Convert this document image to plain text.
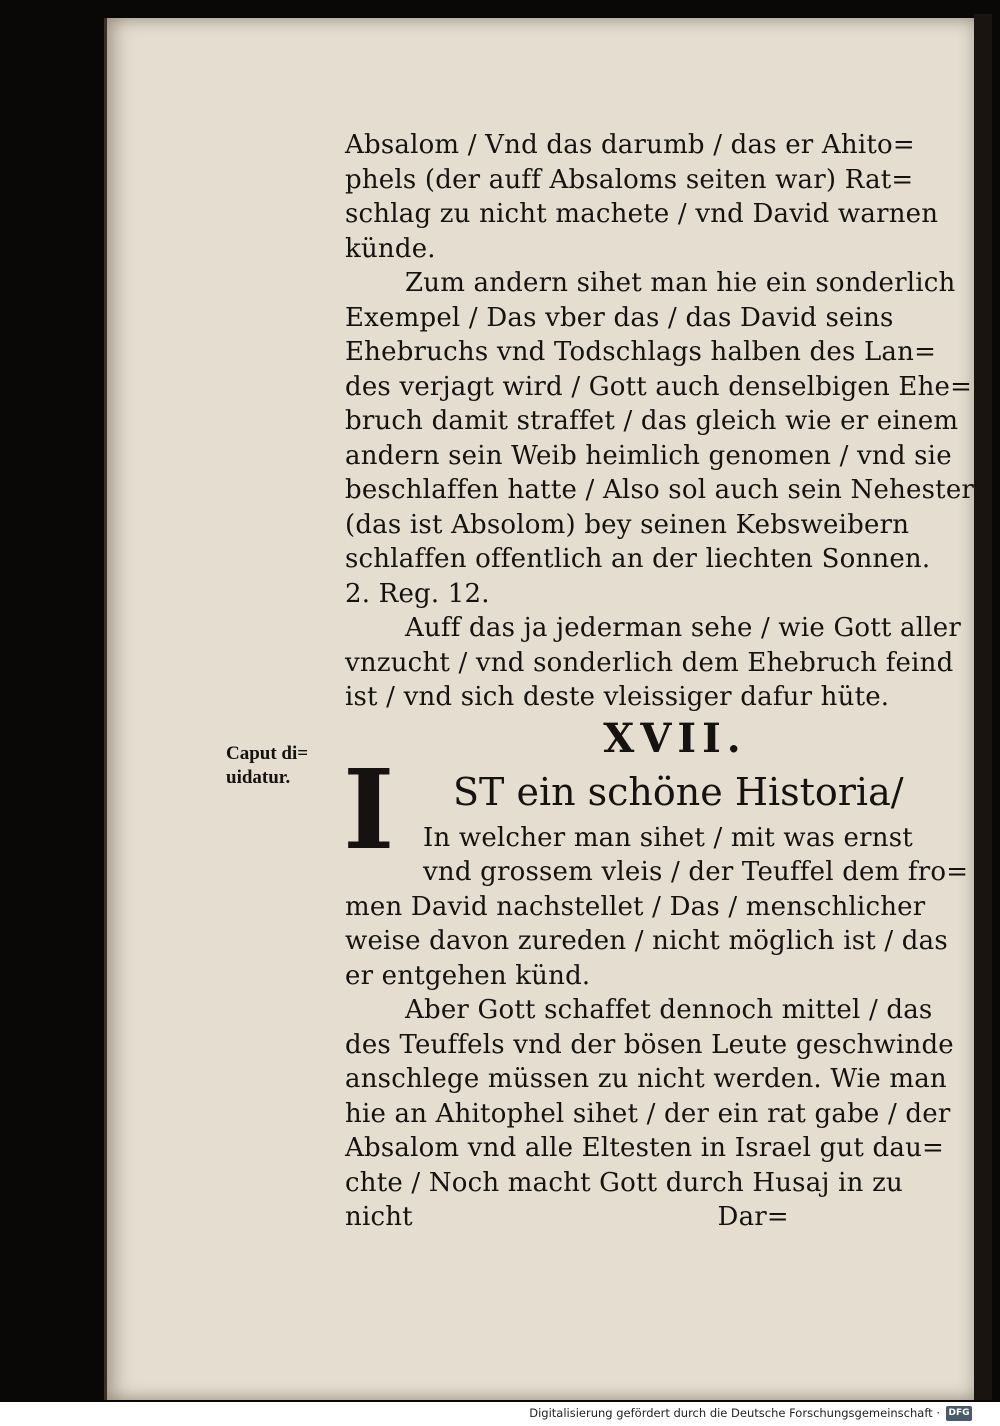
Caput di=
uidatur.
Absalom / Vnd das darumb / das er Ahito=
phels (der auff Absaloms seiten war) Rat=
schlag zu nicht machete / vnd David warnen
künde.
Zum andern sihet man hie ein sonderlich
Exempel / Das vber das / das David seins
Ehebruchs vnd Todschlags halben des Lan=
des verjagt wird / Gott auch denselbigen Ehe=
bruch damit straffet / das gleich wie er einem
andern sein Weib heimlich genomen / vnd sie
beschlaffen hatte / Also sol auch sein Nehester
(das ist Absolom) bey seinen Kebsweibern
schlaffen offentlich an der liechten Sonnen.
2. Reg. 12.
Auff das ja jederman sehe / wie Gott aller
vnzucht / vnd sonderlich dem Ehebruch feind
ist / vnd sich deste vleissiger dafur hüte.
XVII.
I	ST ein schöne Historia/
In welcher man sihet / mit was ernst
vnd grossem vleis / der Teuffel dem fro=
men David nachstellet / Das / menschlicher
weise davon zureden / nicht möglich ist / das
er entgehen künd.
Aber Gott schaffet dennoch mittel / das
des Teuffels vnd der bösen Leute geschwinde
anschlege müssen zu nicht werden. Wie man
hie an Ahitophel sihet / der ein rat gabe / der
Absalom vnd alle Eltesten in Israel gut dau=
chte / Noch macht Gott durch Husaj in zu
nicht                                    Dar=
Digitalisierung gefördert durch die Deutsche Forschungsgemeinschaft · DFG
